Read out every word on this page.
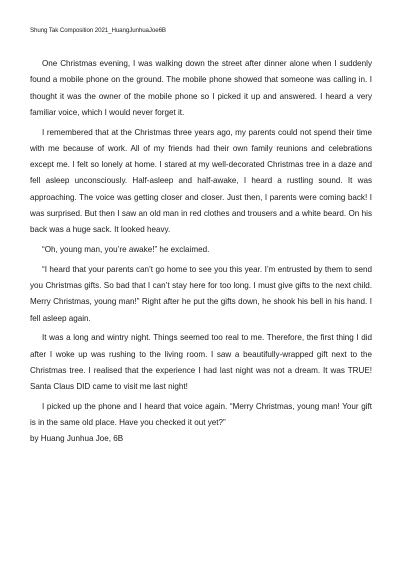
Shung Tak Composition 2021_HuangJunhuaJoe6B

One Christmas evening, I was walking down the street after dinner alone when I suddenly found a mobile phone on the ground. The mobile phone showed that someone was calling in. I thought it was the owner of the mobile phone so I picked it up and answered. I heard a very familiar voice, which I would never forget it.

I remembered that at the Christmas three years ago, my parents could not spend their time with me because of work. All of my friends had their own family reunions and celebrations except me. I felt so lonely at home. I stared at my well-decorated Christmas tree in a daze and fell asleep unconsciously. Half-asleep and half-awake, I heard a rustling sound. It was approaching. The voice was getting closer and closer. Just then, I parents were coming back! I was surprised. But then I saw an old man in red clothes and trousers and a white beard. On his back was a huge sack. It looked heavy.

“Oh, young man, you’re awake!” he exclaimed.

“I heard that your parents can’t go home to see you this year. I’m entrusted by them to send you Christmas gifts. So bad that I can’t stay here for too long. I must give gifts to the next child. Merry Christmas, young man!” Right after he put the gifts down, he shook his bell in his hand. I fell asleep again.

It was a long and wintry night. Things seemed too real to me. Therefore, the first thing I did after I woke up was rushing to the living room. I saw a beautifully-wrapped gift next to the Christmas tree. I realised that the experience I had last night was not a dream. It was TRUE! Santa Claus DID came to visit me last night!

I picked up the phone and I heard that voice again. “Merry Christmas, young man! Your gift is in the same old place. Have you checked it out yet?”

by Huang Junhua Joe, 6B
